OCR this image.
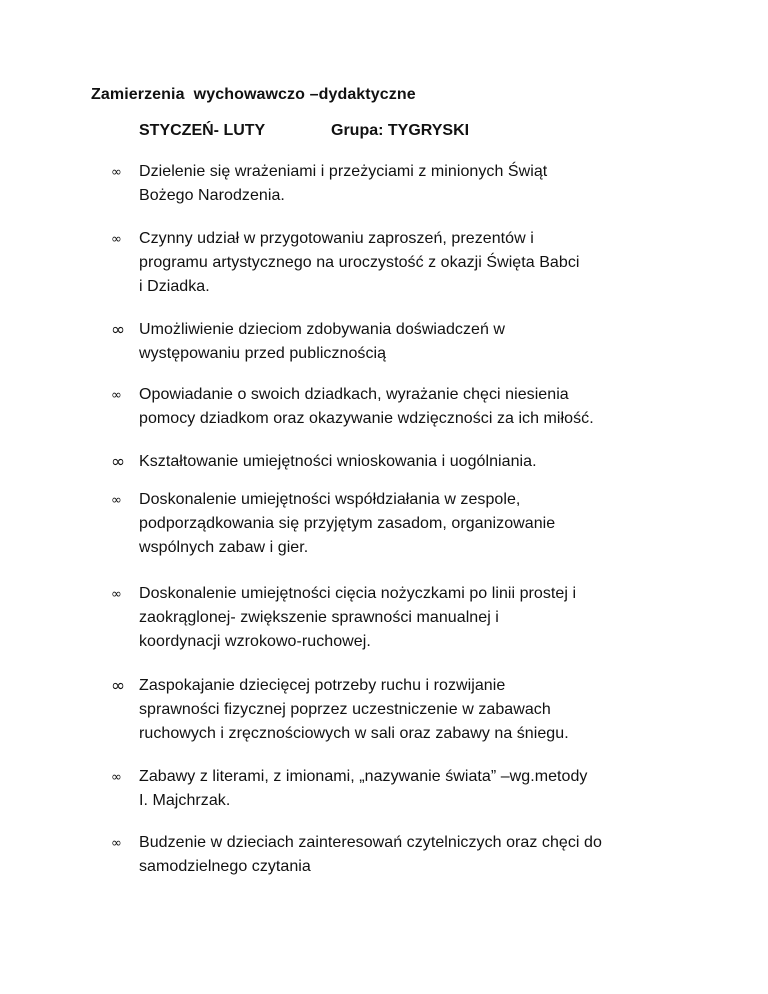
Zamierzenia  wychowawczo –dydaktyczne
STYCZEŃ- LUTY	Grupa: TYGRYSKI
∞ Dzielenie się wrażeniami i przeżyciami z minionych Świąt
Bożego Narodzenia.
∞ Czynny udział w przygotowaniu zaproszeń, prezentów i
programu artystycznego na uroczystość z okazji Święta Babci
i Dziadka.
∞ Umożliwienie dzieciom zdobywania doświadczeń w
występowaniu przed publicznością
∞ Opowiadanie o swoich dziadkach, wyrażanie chęci niesienia
pomocy dziadkom oraz okazywanie wdzięczności za ich miłość.
∞ Kształtowanie umiejętności wnioskowania i uogólniania.
∞ Doskonalenie umiejętności współdziałania w zespole,
podporządkowania się przyjętym zasadom, organizowanie
wspólnych zabaw i gier.
∞ Doskonalenie umiejętności cięcia nożyczkami po linii prostej i
zaokrąglonej- zwiększenie sprawności manualnej i
koordynacji wzrokowo-ruchowej.
∞ Zaspokajanie dziecięcej potrzeby ruchu i rozwijanie
sprawności fizycznej poprzez uczestniczenie w zabawach
ruchowych i zręcznościowych w sali oraz zabawy na śniegu.
∞ Zabawy z literami, z imionami, „nazywanie świata” –wg.metody
I. Majchrzak.
∞ Budzenie w dzieciach zainteresowań czytelniczych oraz chęci do
samodzielnego czytania
